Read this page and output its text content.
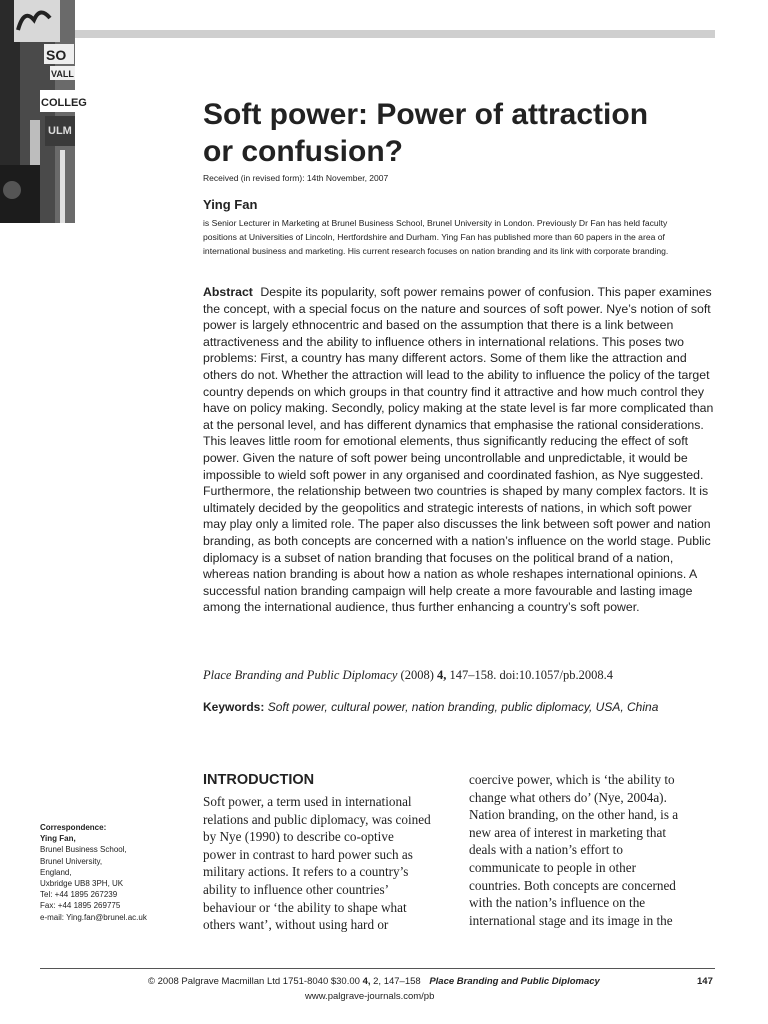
SO
VALL
COLLEG
ULM	Soft power: Power of attraction
or confusion?
Received (in revised form): 14th November, 2007
Ying Fan

is Senior Lecturer in Marketing at Brunel Business School, Brunel University in London. Previously Dr Fan has held faculty
positions at Universities of Lincoln, Hertfordshire and Durham. Ying Fan has published more than 60 papers in the area of
international business and marketing. His current research focuses on nation branding and its link with corporate branding.

Abstract Despite its popularity, soft power remains power of confusion. This paper examines the concept, with a special focus on the nature and sources of soft power. Nye’s notion of soft power is largely ethnocentric and based on the assumption that there is a link between attractiveness and the ability to influence others in international relations. This poses two problems: First, a country has many different actors. Some of them like the attraction and others do not. Whether the attraction will lead to the ability to influence the policy of the target country depends on which groups in that country find it attractive and how much control they have on policy making. Secondly, policy making at the state level is far more complicated than at the personal level, and has different dynamics that emphasise the rational considerations. This leaves little room for emotional elements, thus significantly reducing the effect of soft power. Given the nature of soft power being uncontrollable and unpredictable, it would be impossible to wield soft power in any organised and coordinated fashion, as Nye suggested. Furthermore, the relationship between two countries is shaped by many complex factors. It is ultimately decided by the geopolitics and strategic interests of nations, in which soft power may play only a limited role. The paper also discusses the link between soft power and nation branding, as both concepts are concerned with a nation’s influence on the world stage. Public diplomacy is a subset of nation branding that focuses on the political brand of a nation, whereas nation branding is about how a nation as whole reshapes international opinions. A successful nation branding campaign will help create a more favourable and lasting image among the international audience, thus further enhancing a country’s soft power.

Place Branding and Public Diplomacy (2008) 4, 147–158. doi:10.1057/pb.2008.4
Keywords: Soft power, cultural power, nation branding, public diplomacy, USA, China
INTRODUCTION

Soft power, a term used in international
relations and public diplomacy, was coined
by Nye (1990) to describe co-optive
power in contrast to hard power such as
military actions. It refers to a country’s
ability to influence other countries’
behaviour or ‘the ability to shape what
others want’, without using hard or

coercive power, which is ‘the ability to
change what others do’ (Nye, 2004a).
Nation branding, on the other hand, is a
new area of interest in marketing that
deals with a nation’s effort to
communicate to people in other
countries. Both concepts are concerned
with the nation’s influence on the
international stage and its image in the

Correspondence:
Ying Fan,
Brunel Business School,
Brunel University,
England,
Uxbridge UB8 3PH, UK
Tel: +44 1895 267239
Fax: +44 1895 269775
e-mail: Ying.fan@brunel.ac.uk
© 2008 Palgrave Macmillan Ltd 1751-8040 $30.00 4, 2, 147–158 Place Branding and Public Diplomacy	147
www.palgrave-journals.com/pb
